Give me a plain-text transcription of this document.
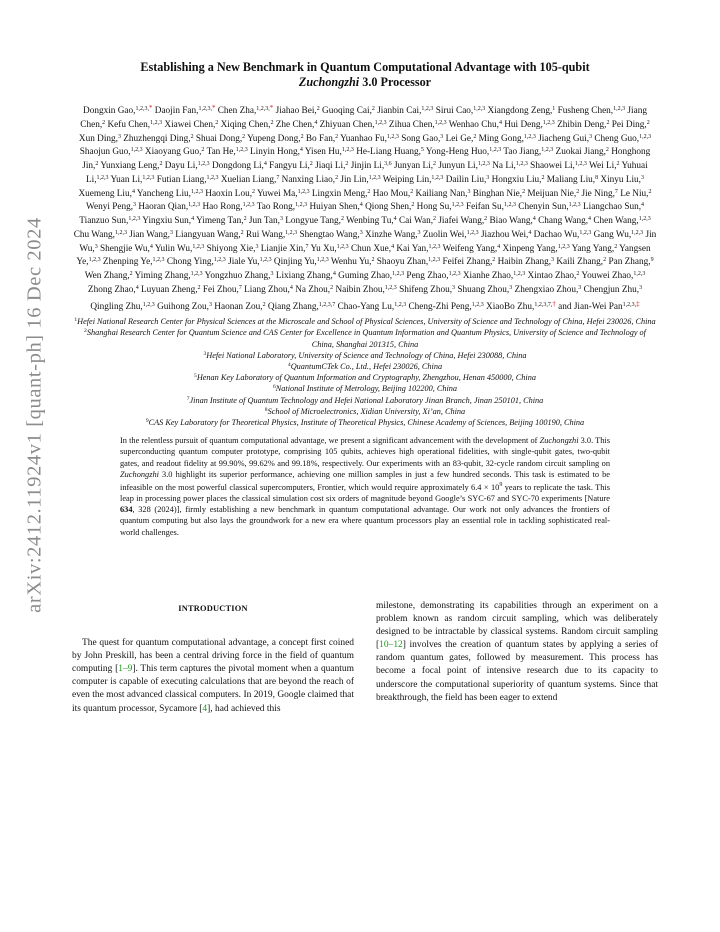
arXiv:2412.11924v1 [quant-ph] 16 Dec 2024
Establishing a New Benchmark in Quantum Computational Advantage with 105-qubit
Zuchongzhi 3.0 Processor
Dongxin Gao,$^{1,2,3,*}$ Daojin Fan,$^{1,2,3,*}$ Chen Zha,$^{1,2,3,*}$ Jiahao Bei,$^2$ Guoqing Cai,$^2$ Jianbin Cai,$^{1,2,3}$ Sirui Cao,$^{1,2,3}$ Xiangdong Zeng,$^1$ Fusheng Chen,$^{1,2,3}$ Jiang Chen,$^2$ Kefu Chen,$^{1,2,3}$ Xiawei Chen,$^2$ Xiqing Chen,$^2$ Zhe Chen,$^4$ Zhiyuan Chen,$^{1,2,3}$ Zihua Chen,$^{1,2,3}$ Wenhao Chu,$^4$ Hui Deng,$^{1,2,3}$ Zhibin Deng,$^2$ Pei Ding,$^2$ Xun Ding,$^3$ Zhuzhengqi Ding,$^2$ Shuai Dong,$^2$ Yupeng Dong,$^2$ Bo Fan,$^2$ Yuanhao Fu,$^{1,2,3}$ Song Gao,$^3$ Lei Ge,$^2$ Ming Gong,$^{1,2,3}$ Jiacheng Gui,$^3$ Cheng Guo,$^{1,2,3}$ Shaojun Guo,$^{1,2,3}$ Xiaoyang Guo,$^2$ Tan He,$^{1,2,3}$ Linyin Hong,$^4$ Yisen Hu,$^{1,2,3}$ He-Liang Huang,$^5$ Yong-Heng Huo,$^{1,2,3}$ Tao Jiang,$^{1,2,3}$ Zuokai Jiang,$^2$ Honghong Jin,$^2$ Yunxiang Leng,$^2$ Dayu Li,$^{1,2,3}$ Dongdong Li,$^4$ Fangyu Li,$^2$ Jiaqi Li,$^2$ Jinjin Li,$^{3,6}$ Junyan Li,$^2$ Junyun Li,$^{1,2,3}$ Na Li,$^{1,2,3}$ Shaowei Li,$^{1,2,3}$ Wei Li,$^2$ Yuhuai Li,$^{1,2,3}$ Yuan Li,$^{1,2,3}$ Futian Liang,$^{1,2,3}$ Xuelian Liang,$^7$ Nanxing Liao,$^2$ Jin Lin,$^{1,2,3}$ Weiping Lin,$^{1,2,3}$ Dailin Liu,$^3$ Hongxiu Liu,$^2$ Maliang Liu,$^8$ Xinyu Liu,$^3$ Xuemeng Liu,$^4$ Yancheng Liu,$^{1,2,3}$ Haoxin Lou,$^2$ Yuwei Ma,$^{1,2,3}$ Lingxin Meng,$^2$ Hao Mou,$^2$ Kailiang Nan,$^3$ Binghan Nie,$^2$ Meijuan Nie,$^2$ Jie Ning,$^7$ Le Niu,$^2$ Wenyi Peng,$^3$ Haoran Qian,$^{1,2,3}$ Hao Rong,$^{1,2,3}$ Tao Rong,$^{1,2,3}$ Huiyan Shen,$^4$ Qiong Shen,$^2$ Hong Su,$^{1,2,3}$ Feifan Su,$^{1,2,3}$ Chenyin Sun,$^{1,2,3}$ Liangchao Sun,$^4$ Tianzuo Sun,$^{1,2,3}$ Yingxiu Sun,$^4$ Yimeng Tan,$^2$ Jun Tan,$^3$ Longyue Tang,$^2$ Wenbing Tu,$^4$ Cai Wan,$^2$ Jiafei Wang,$^2$ Biao Wang,$^4$ Chang Wang,$^4$ Chen Wang,$^{1,2,3}$ Chu Wang,$^{1,2,3}$ Jian Wang,$^3$ Liangyuan Wang,$^2$ Rui Wang,$^{1,2,3}$ Shengtao Wang,$^3$ Xinzhe Wang,$^3$ Zuolin Wei,$^{1,2,3}$ Jiazhou Wei,$^4$ Dachao Wu,$^{1,2,3}$ Gang Wu,$^{1,2,3}$ Jin Wu,$^3$ Shengjie Wu,$^4$ Yulin Wu,$^{1,2,3}$ Shiyong Xie,$^3$ Lianjie Xin,$^7$ Yu Xu,$^{1,2,3}$ Chun Xue,$^4$ Kai Yan,$^{1,2,3}$ Weifeng Yang,$^4$ Xinpeng Yang,$^{1,2,3}$ Yang Yang,$^2$ Yangsen Ye,$^{1,2,3}$ Zhenping Ye,$^{1,2,3}$ Chong Ying,$^{1,2,3}$ Jiale Yu,$^{1,2,3}$ Qinjing Yu,$^{1,2,3}$ Wenhu Yu,$^2$ Shaoyu Zhan,$^{1,2,3}$ Feifei Zhang,$^2$ Haibin Zhang,$^3$ Kaili Zhang,$^2$ Pan Zhang,$^9$ Wen Zhang,$^2$ Yiming Zhang,$^{1,2,3}$ Yongzhuo Zhang,$^3$ Lixiang Zhang,$^4$ Guming Zhao,$^{1,2,3}$ Peng Zhao,$^{1,2,3}$ Xianhe Zhao,$^{1,2,3}$ Xintao Zhao,$^2$ Youwei Zhao,$^{1,2,3}$ Zhong Zhao,$^4$ Luyuan Zheng,$^2$ Fei Zhou,$^7$ Liang Zhou,$^4$ Na Zhou,$^2$ Naibin Zhou,$^{1,2,3}$ Shifeng Zhou,$^3$ Shuang Zhou,$^3$ Zhengxiao Zhou,$^3$ Chengjun Zhu,$^3$ Qingling Zhu,$^{1,2,3}$ Guihong Zou,$^3$ Haonan Zou,$^2$ Qiang Zhang,$^{1,2,3,7}$ Chao-Yang Lu,$^{1,2,3}$ Cheng-Zhi Peng,$^{1,2,3}$ XiaoBo Zhu,$^{1,2,3,7,\dagger}$ and Jian-Wei Pan$^{1,2,3,\ddagger}$
$^1$Hefei National Research Center for Physical Sciences at the Microscale and School of Physical Sciences, University of Science and Technology of China, Hefei 230026, China
$^2$Shanghai Research Center for Quantum Science and CAS Center for Excellence in Quantum Information and Quantum Physics, University of Science and Technology of China, Shanghai 201315, China
$^3$Hefei National Laboratory, University of Science and Technology of China, Hefei 230088, China
$^4$QuantumCTek Co., Ltd., Hefei 230026, China
$^5$Henan Key Laboratory of Quantum Information and Cryptography, Zhengzhou, Henan 450000, China
$^6$National Institute of Metrology, Beijing 102200, China
$^7$Jinan Institute of Quantum Technology and Hefei National Laboratory Jinan Branch, Jinan 250101, China
$^8$School of Microelectronics, Xidian University, Xi’an, China
$^9$CAS Key Laboratory for Theoretical Physics, Institute of Theoretical Physics, Chinese Academy of Sciences, Beijing 100190, China
In the relentless pursuit of quantum computational advantage, we present a significant advancement with the development of Zuchongzhi 3.0. This superconducting quantum computer prototype, comprising 105 qubits, achieves high operational fidelities, with single-qubit gates, two-qubit gates, and readout fidelity at 99.90%, 99.62% and 99.18%, respectively. Our experiments with an 83-qubit, 32-cycle random circuit sampling on Zuchongzhi 3.0 highlight its superior performance, achieving one million samples in just a few hundred seconds. This task is estimated to be infeasible on the most powerful classical supercomputers, Frontier, which would require approximately $6.4 \times 10^9$ years to replicate the task. This leap in processing power places the classical simulation cost six orders of magnitude beyond Google’s SYC-67 and SYC-70 experiments [Nature 634, 328 (2024)], firmly establishing a new benchmark in quantum computational advantage. Our work not only advances the frontiers of quantum computing but also lays the groundwork for a new era where quantum processors play an essential role in tackling sophisticated real-world challenges.
INTRODUCTION

The quest for quantum computational advantage, a concept first coined by John Preskill, has been a central driving force in the field of quantum computing [1–9]. This term captures the pivotal moment when a quantum computer is capable of executing calculations that are beyond the reach of even the most advanced classical computers. In 2019, Google claimed that its quantum processor, Sycamore [4], had achieved this

milestone, demonstrating its capabilities through an experiment on a problem known as random circuit sampling, which was deliberately designed to be intractable by classical systems. Random circuit sampling [10–12] involves the creation of quantum states by applying a series of random quantum gates, followed by measurement. This process has become a focal point of intensive research due to its capacity to underscore the computational superiority of quantum systems. Since that breakthrough, the field has been eager to extend
